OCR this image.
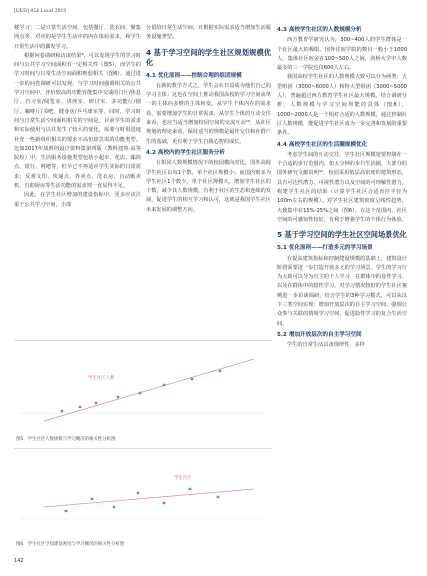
[UED] 054 Local 2019

楼学习；二是日常生活空间，包括餐厅、洗衣间、聚集网点等。对应的是学生生活中的内在体验需求，和学生日常生活中的偶发学习。

根据问卷调研和访谈结果⁹，可以发现学生的学习时间与公共学习空间面积有一定相关性（图5），而学生的学习时间与日常生活空间面积则弱相关（图6）。通过进一步的问卷调研可以发现，与学习时间强调相关的公共学习空间中，评价较高的功能有能集中交谈的门厅/休息厅、自习室/阅览室、讲座室、研讨室、多功能厅/剧厅、咖啡厅/书吧、健身房/乒乓球室等。同时，学习时间与日常生活空间面积相关的空间是，目前学生的需求和实际使用与以往发生了较大的变化，需要与时俱进地补充一些新组织相关的要求不高但却急需的功能类型。比如2017年战胜的设计资料集第四版（教科建筑·高等院校）中，生活服务设施类型包括小超市、花店、邮筒点、银行、网吧等，但早已不再适应学生实际的日常需求；反观文印、快递点、外卖点、洗衣房、自动贩卖机、自助厨房等生活功能的需求则一直显得不足。

因此，在学生社区增加的建设指标中，更多应该注重于公共学习空间，小部

分留给日常生活空间，且根据实际需求适当增加生活服务设施类型。

4 基于学习空间的学生社区规划规模优化
4.1 优化原则——控制合理的组团规模

在新的教学方式之，学生会在日益成为他们自己的学习主体；这也在空间上推动我国高校的学习空间从单一的主体向多维的主体转变。从学生个体内在的需求看，需要增加学生的日常需求，从学生个体的互动交往来看，也应当适当增加校园空间的交流互动¹⁰，从社区规划的理论来看，保持适当的规模是最佳交往和社群产生的基础，更有利于学生自我心智的成长。

4.2 高校内的学生社区服务分析

在相同人数规模情况下的校园横向对比，国外高校学生社区以每1个数，单个社区规模小；而国内则多为学生社区1个数少，单个社区规模大。增加学生社区的个数，减少其人数规模，有利于社区的生态和连续的发展，促进学生的相互学习和认可，这就是我国学生社区未来发展的调整方向。

4.3 高校学生社区的人数规模分析

西方教育学研究认为，300~400人的学生群体是一个社区最大的极限。国外住宿学院的数目一般小于1000人，集体社区宿舍在100~500人之间，剑桥大学中人数最多的三一学院也仅600人左右。

我国高校学生社区的人数规模大致可以分为两类：大型组团（3000~6000人）和特大型组团（3000~5000人），普遍超过西方教育学生社区最大规模。结合调研分析，人数规模与学习空间均能的具体（图8），1000~2000人是一个相对合适的人数规模，通过控制社区人数规模，能促进学生社区成为一步完善和发展的重要条件。

4.4 高校学生社区的生活圈规模优化

考虑学生间的互动交往，学生社区规模宽要控制在一个合适的步行范围内。如五分钟的步行生活圈，大部分的国外研究文献说明¹¹，校园采用低层高密度的建筑形态，具有可达性潜力、可视性潜力以及空间的可理解性潜力，构建学生社区的结果（计算学生社区合适直径半径为100m左右的规模）。对学生社区建筑密度呈线性趋势，大致集中在15%-25%之间（图6），在这个范围内，社区空间的可感知性较好，有利于增强学生的个体行为体验。

5 基于学习空间的学生社区空间场景优化
5.1 优化原则——打造多元的学习场景

在提高建筑指标和控制建设规模的基础上，建筑设计阶段需要进一步打造开放多元的学习场景。学生的学习行为大致可以分为自主的个人学习、在群体中的显性学习、以及在群体中的隐性学习。对学习情况较好的学生社区案例进一步访谈调研，结合学生的3种学习模式，可以从以下三类空间实现：增加开放层次的自主学习空间、强调公众参与关联的情境学习空间，促进隐性学习的复合生活空间。

5.2 增加开放层次的自主学习空间

学生的日常生活具备规律性，多样

学生社区人数
图5　学生社区人数规模与学习概况的相关性分析图
学生社区
图6　学生社区空间建设密度与学习概况的相关性分析图
142
